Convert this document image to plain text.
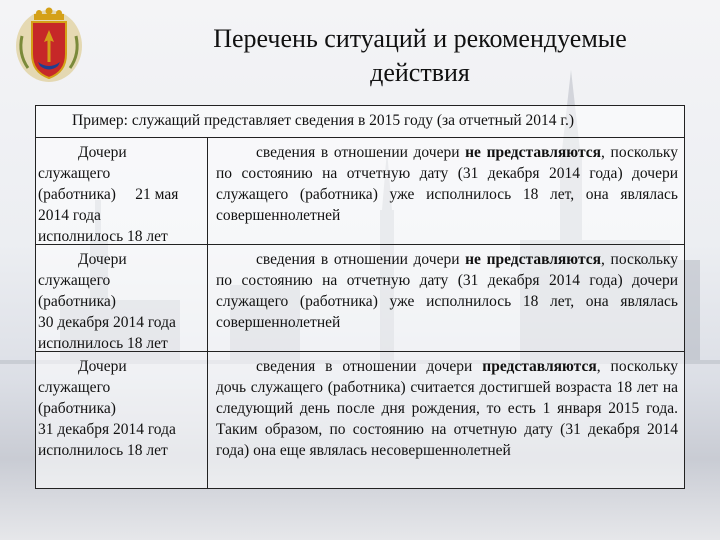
Перечень ситуаций и рекомендуемые
действия
Пример: служащий представляет сведения в 2015 году (за отчетный 2014 г.)
Дочери
служащего
(работника)     21 мая
2014 года
исполнилось 18 лет
сведения в отношении дочери не представляются, поскольку по состоянию на отчетную дату (31 декабря 2014 года) дочери служащего (работника) уже исполнилось 18 лет, она являлась совершеннолетней
Дочери
служащего
(работника)
30 декабря 2014 года
исполнилось 18 лет
сведения в отношении дочери не представляются, поскольку по состоянию на отчетную дату (31 декабря 2014 года) дочери служащего (работника) уже исполнилось 18 лет, она являлась совершеннолетней
Дочери
служащего
(работника)
31 декабря 2014 года
исполнилось 18 лет
сведения в отношении дочери представляются, поскольку дочь служащего (работника) считается достигшей возраста 18 лет на следующий день после дня рождения, то есть 1 января 2015 года. Таким образом, по состоянию на отчетную дату (31 декабря 2014 года) она еще являлась несовершеннолетней
